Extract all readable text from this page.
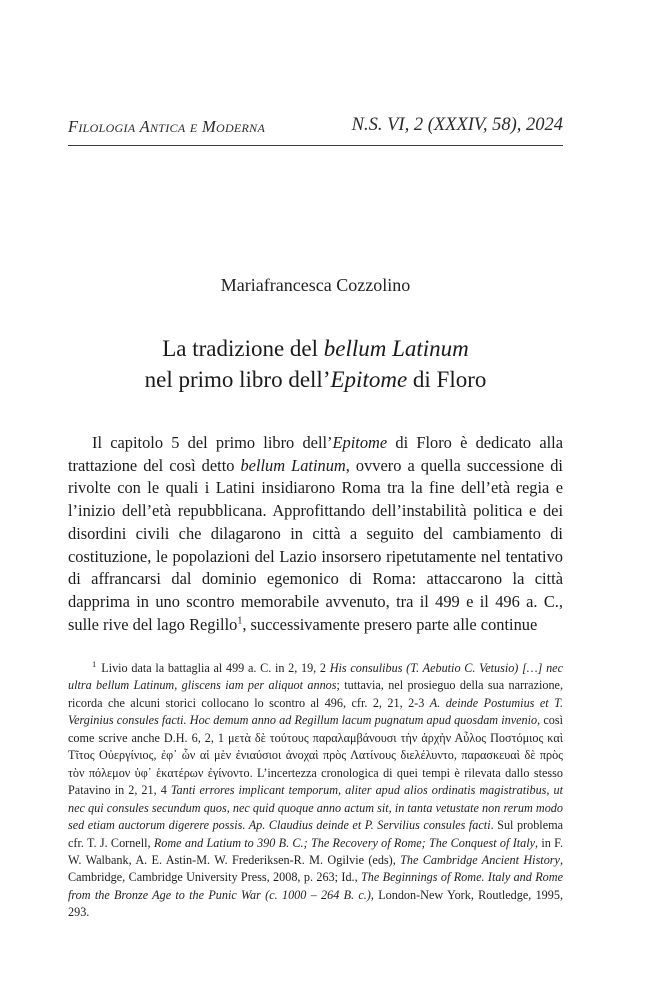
Filologia Antica e Moderna	N.S. VI, 2 (XXXIV, 58), 2024
Mariafrancesca Cozzolino
La tradizione del bellum Latinum
nel primo libro dell’Epitome di Floro

Il capitolo 5 del primo libro dell’Epitome di Floro è dedicato alla trattazione del così detto bellum Latinum, ovvero a quella successione di rivolte con le quali i Latini insidiarono Roma tra la fine dell’età regia e l’inizio dell’età repubblicana. Approfittando dell’instabilità politica e dei disordini civili che dilagarono in città a seguito del cambiamento di costituzione, le popolazioni del Lazio insorsero ripetutamente nel tentativo di affrancarsi dal dominio egemonico di Roma: attaccarono la città dapprima in uno scontro memorabile avvenuto, tra il 499 e il 496 a. C., sulle rive del lago Regillo$^1$, successivamente presero parte alle continue

$^1$ Livio data la battaglia al 499 a. C. in 2, 19, 2 His consulibus (T. Aebutio C. Vetusio) […] nec ultra bellum Latinum, gliscens iam per aliquot annos; tuttavia, nel prosieguo della sua narrazione, ricorda che alcuni storici collocano lo scontro al 496, cfr. 2, 21, 2-3 A. deinde Postumius et T. Verginius consules facti. Hoc demum anno ad Regillum lacum pugnatum apud quosdam invenio, così come scrive anche D.H. 6, 2, 1 μετὰ δὲ τούτους παραλαμβάνουσι τὴν ἀρχὴν Αὖλος Ποστόμιος καὶ Τῖτος Οὐεργίνιος, ἐφ᾽ ὧν αἱ μὲν ἐνιαύσιοι ἀνοχαὶ πρὸς Λατίνους διελέλυντο, παρασκευαὶ δὲ πρὸς τὸν πόλεμον ὑφ᾽ ἑκατέρων ἐγίνοντο. L’incertezza cronologica di quei tempi è rilevata dallo stesso Patavino in 2, 21, 4 Tanti errores implicant temporum, aliter apud alios ordinatis magistratibus, ut nec qui consules secundum quos, nec quid quoque anno actum sit, in tanta vetustate non rerum modo sed etiam auctorum digerere possis. Ap. Claudius deinde et P. Servilius consules facti. Sul problema cfr. T. J. Cornell, Rome and Latium to 390 B. C.; The Recovery of Rome; The Conquest of Italy, in F. W. Walbank, A. E. Astin-M. W. Frederiksen-R. M. Ogilvie (eds), The Cambridge Ancient History, Cambridge, Cambridge University Press, 2008, p. 263; Id., The Beginnings of Rome. Italy and Rome from the Bronze Age to the Punic War (c. 1000 – 264 B. c.), London-New York, Routledge, 1995, 293.
